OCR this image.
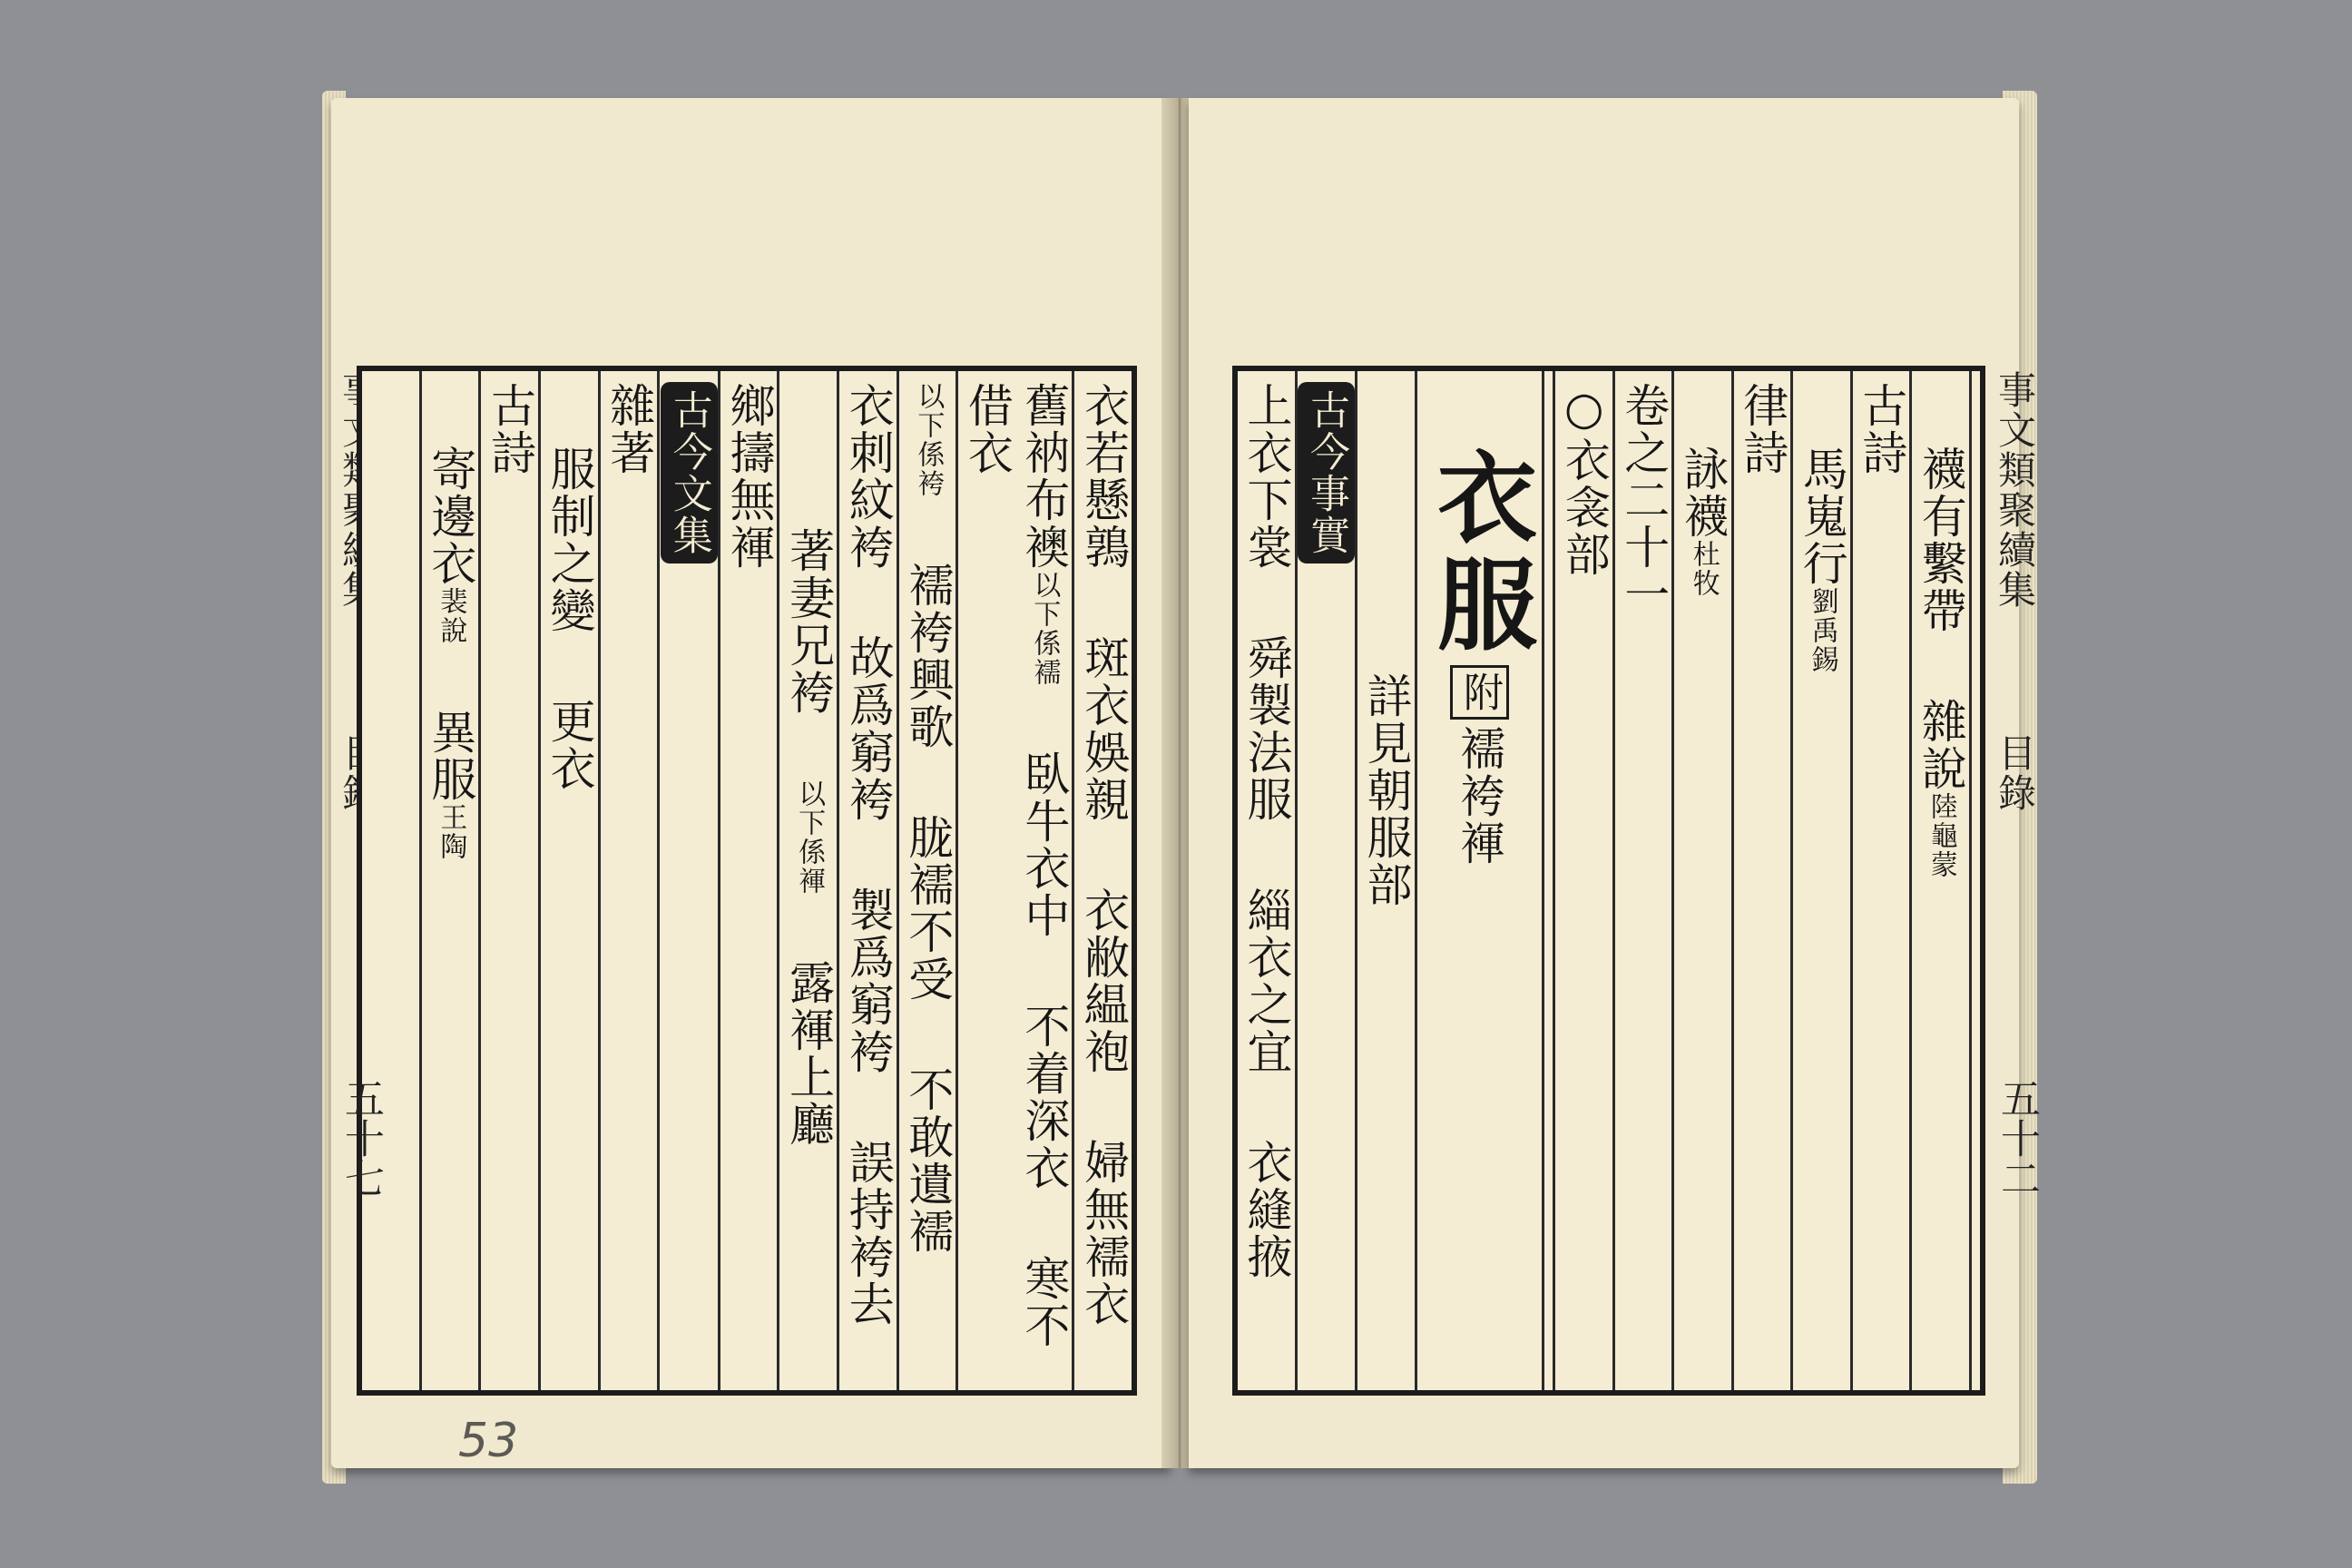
寄邊衣裴說異服王陶
古詩
服制之變更衣
雜著 古今文集 鄉擣無褌
著妻兄袴以下係褌露褌上廳
衣刺紋袴故爲窮袴製爲窮袴誤持袴去
以下係袴襦袴興歌胧襦不受不敢遺襦
舊衲布襖以下係襦臥牛衣中不着深衣寒不借衣	衣若懸鶉斑衣娛親衣敝緼袍婦無襦衣
五十七
53
上衣下裳舜製法服緇衣之宜衣縫掖
古今事實
詳見朝服部
衣服附襦袴褌
○衣衾部 卷之二十一 詠襪杜牧
律詩
馬嵬行劉禹錫
古詩
襪有繫帶雜說陸龜蒙
事文類聚續集
目錄
五十二
